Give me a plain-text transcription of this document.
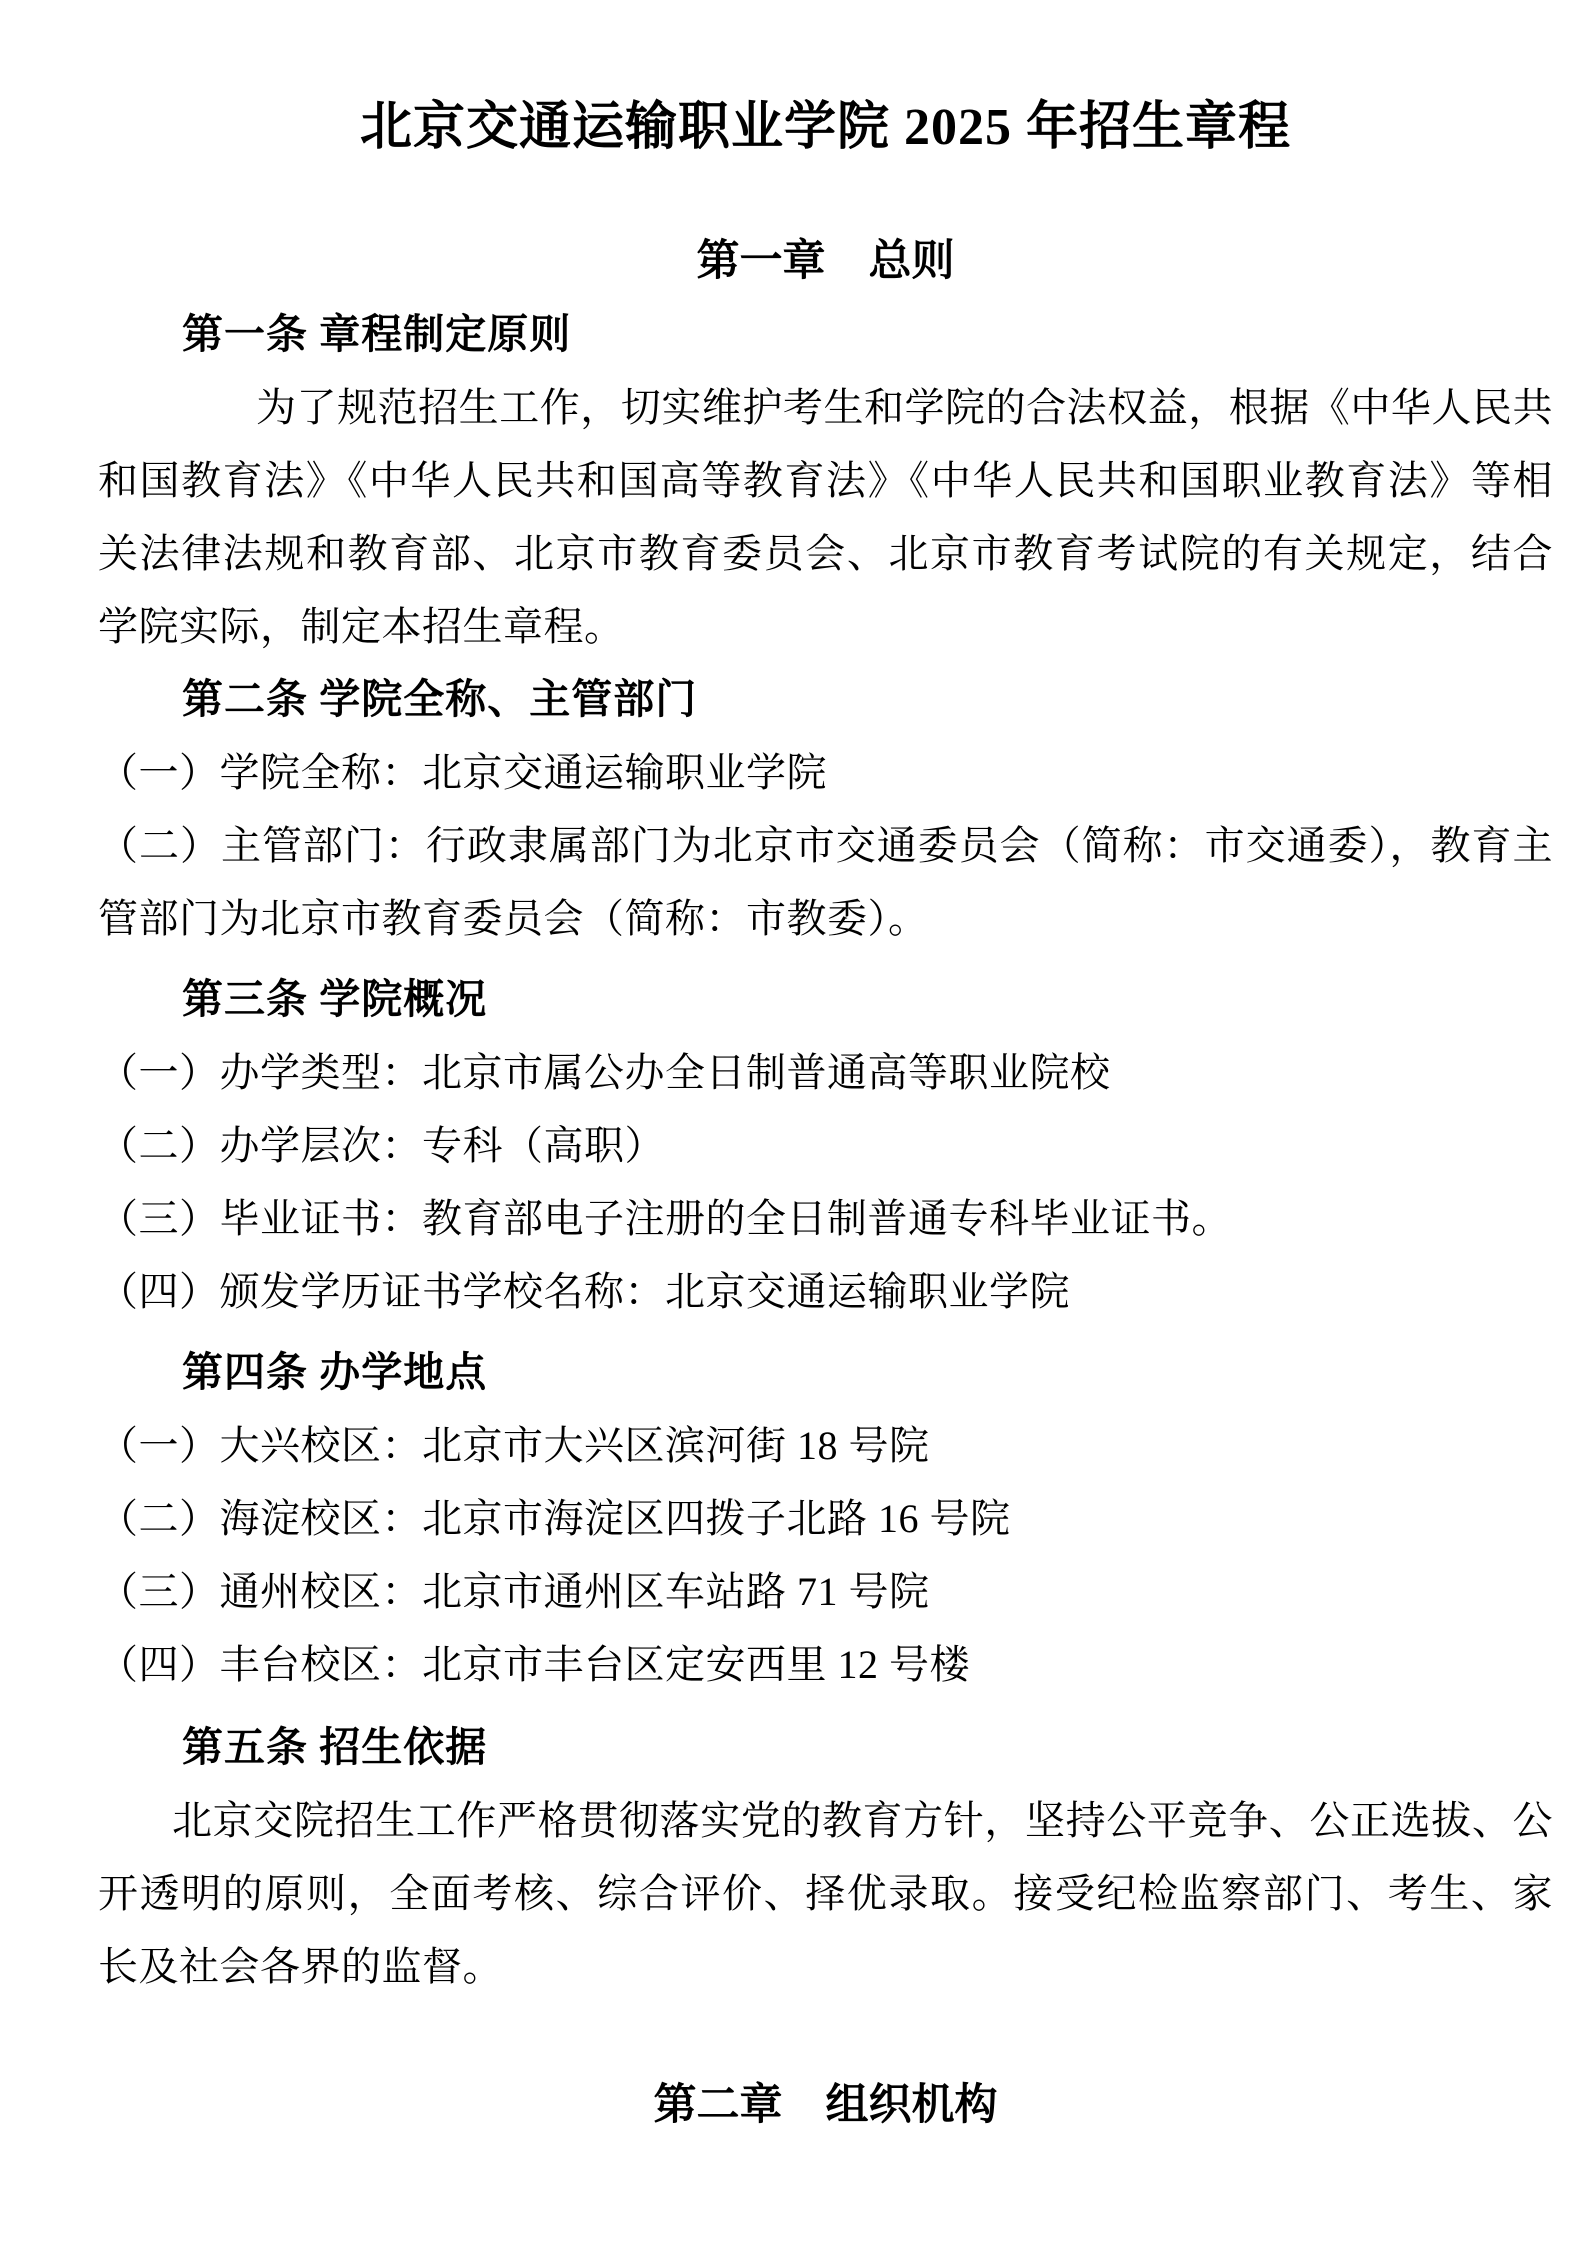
北京交通运输职业学院 2025 年招生章程
第一章　总则
第一条 章程制定原则

为了规范招生工作，切实维护考生和学院的合法权益，根据《中华人民共和国教育法》《中华人民共和国高等教育法》《中华人民共和国职业教育法》等相关法律法规和教育部、北京市教育委员会、北京市教育考试院的有关规定，结合学院实际，制定本招生章程。

第二条 学院全称、主管部门

（一）学院全称：北京交通运输职业学院

（二）主管部门：行政隶属部门为北京市交通委员会（简称：市交通委），教育主管部门为北京市教育委员会（简称：市教委）。

第三条 学院概况

（一）办学类型：北京市属公办全日制普通高等职业院校

（二）办学层次：专科（高职）

（三）毕业证书：教育部电子注册的全日制普通专科毕业证书。

（四）颁发学历证书学校名称：北京交通运输职业学院

第四条 办学地点

（一）大兴校区：北京市大兴区滨河街 18 号院

（二）海淀校区：北京市海淀区四拨子北路 16 号院

（三）通州校区：北京市通州区车站路 71 号院

（四）丰台校区：北京市丰台区定安西里 12 号楼

第五条 招生依据

北京交院招生工作严格贯彻落实党的教育方针，坚持公平竞争、公正选拔、公开透明的原则，全面考核、综合评价、择优录取。接受纪检监察部门、考生、家长及社会各界的监督。

第二章　组织机构
